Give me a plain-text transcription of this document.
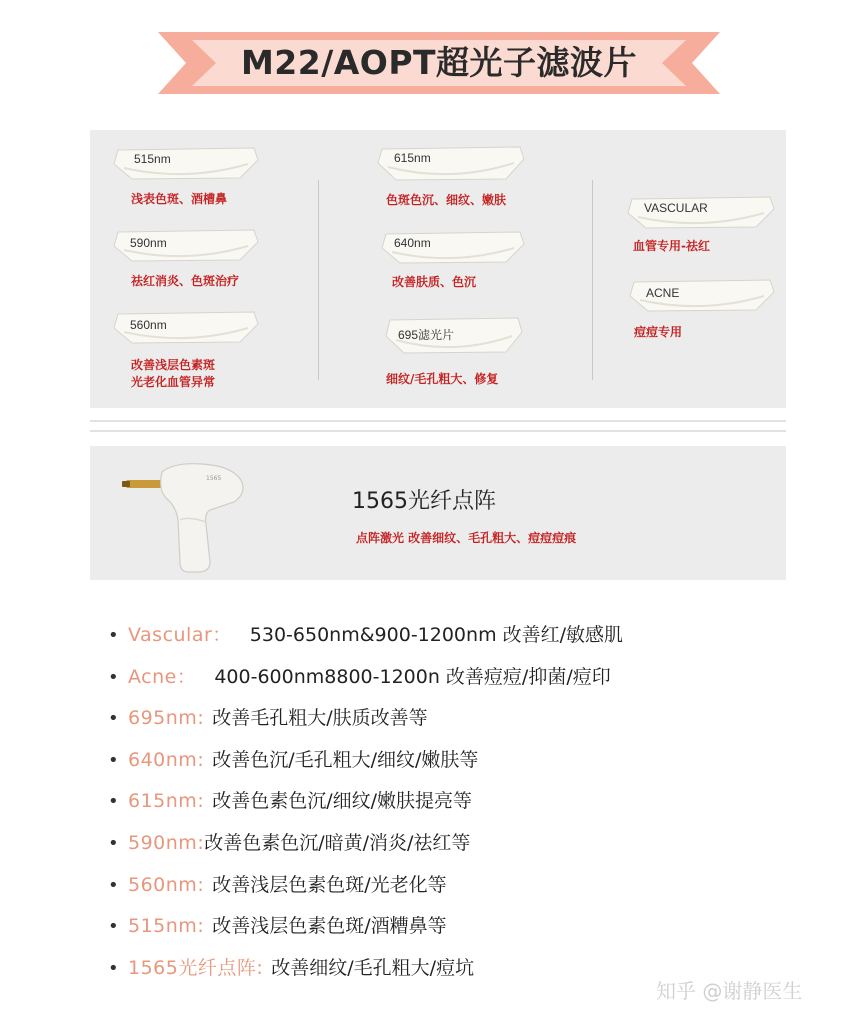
M22/AOPT超光子滤波片
515nm
浅表色斑、酒槽鼻
590nm
祛红消炎、色斑治疗
560nm
改善浅层色素斑
光老化血管异常
615nm
色斑色沉、细纹、嫩肤
640nm
改善肤质、色沉
695滤光片
细纹/毛孔粗大、修复
VASCULAR
血管专用-祛红
ACNE
痘痘专用
1565
1565光纤点阵
点阵激光 改善细纹、毛孔粗大、痘痘痘痕
• Vascular： 530-650nm&900-1200nm 改善红/敏感肌
• Acne： 400-600nm8800-1200n 改善痘痘/抑菌/痘印
• 695nm: 改善毛孔粗大/肤质改善等
• 640nm: 改善色沉/毛孔粗大/细纹/嫩肤等
• 615nm: 改善色素色沉/细纹/嫩肤提亮等
• 590nm:改善色素色沉/暗黄/消炎/祛红等
• 560nm: 改善浅层色素色斑/光老化等
• 515nm: 改善浅层色素色斑/酒糟鼻等
• 1565光纤点阵: 改善细纹/毛孔粗大/痘坑
知乎 @谢静医生
